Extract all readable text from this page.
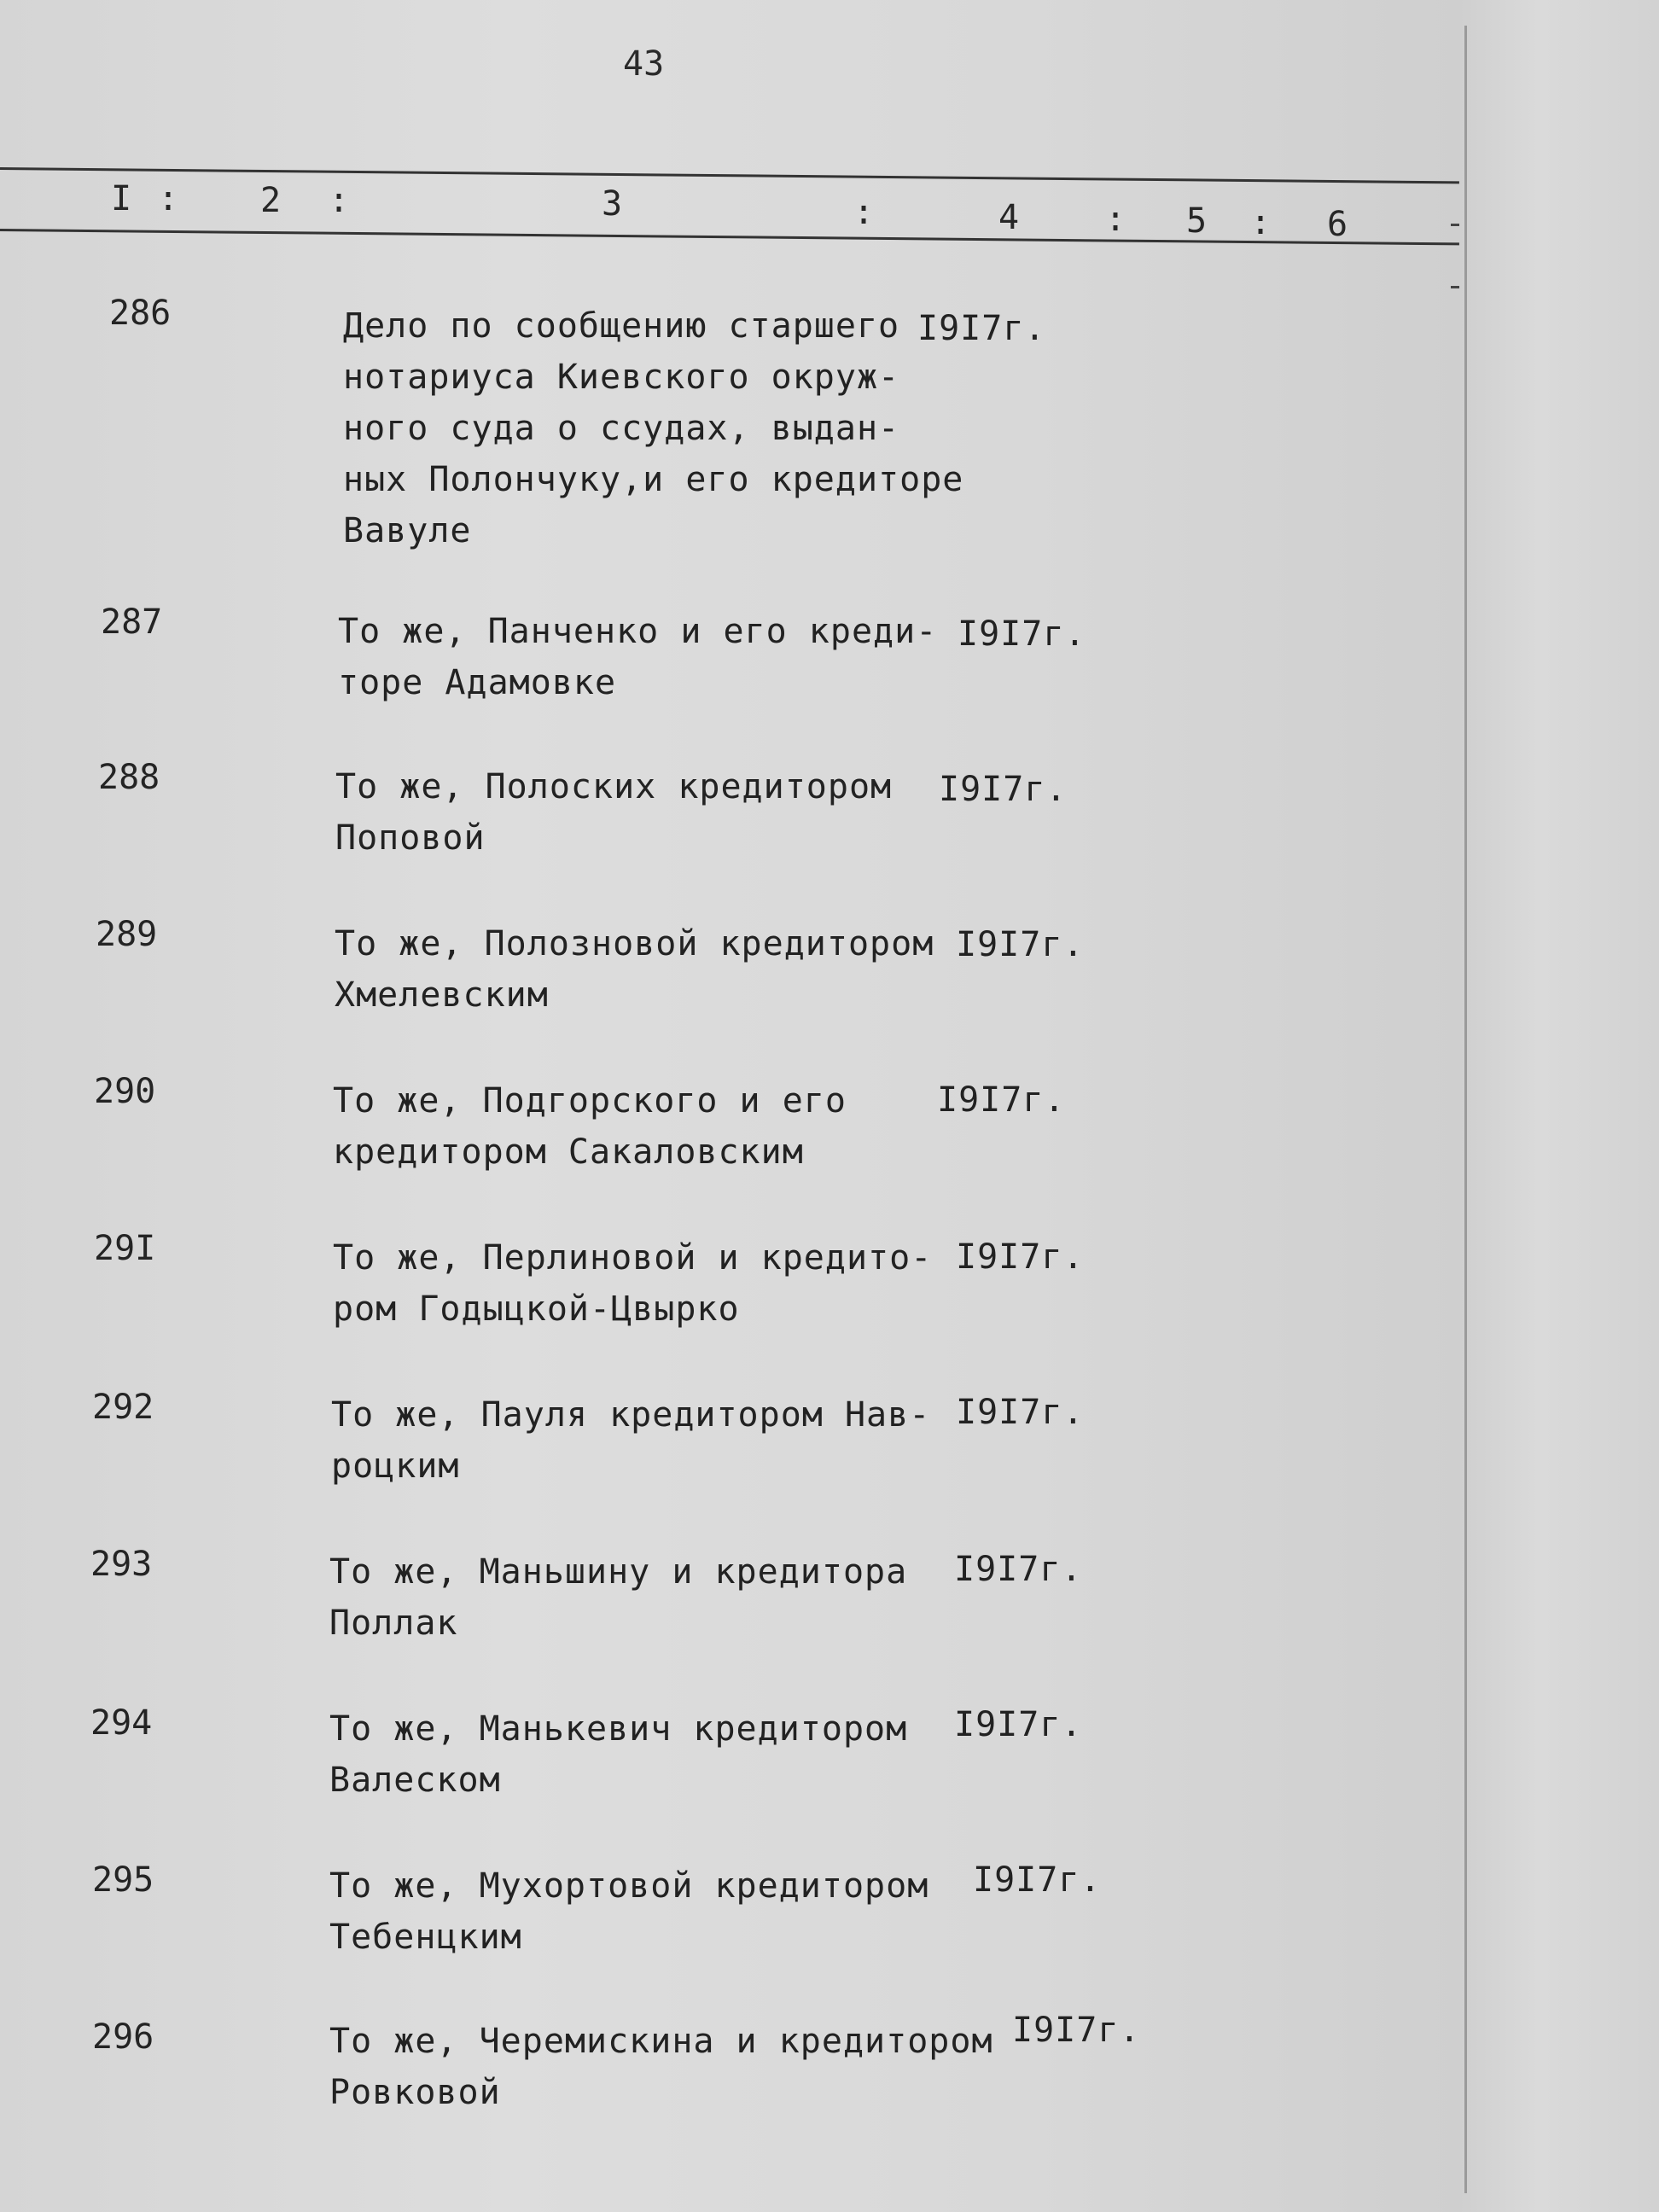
43
I : 2 :	3	:	4	: 5 : 6
286	Дело по сообщению старшего
нотариуса Киевского окруж-
ного суда о ссудах, выдан-
ных Полончуку,и его кредиторе
Вавуле
I9I7г.
287	То же, Панченко и его креди-
торе Адамовке
I9I7г.
288	То же, Полоских кредитором
Поповой
I9I7г.
289	То же, Полозновой кредитором
Хмелевским
I9I7г.
290	То же, Подгорского и его
кредитором Сакаловским
I9I7г.
29I	То же, Перлиновой и кредито-
ром Годыцкой-Цвырко
I9I7г.
292	То же, Пауля кредитором Нав-
роцким
I9I7г.
293	То же, Маньшину и кредитора
Поллак
I9I7г.
294	То же, Манькевич кредитором
Валеском
I9I7г.
295	То же, Мухортовой кредитором
Тебенцким
I9I7г.
296	То же, Черемискина и кредитором
Ровковой
I9I7г.
